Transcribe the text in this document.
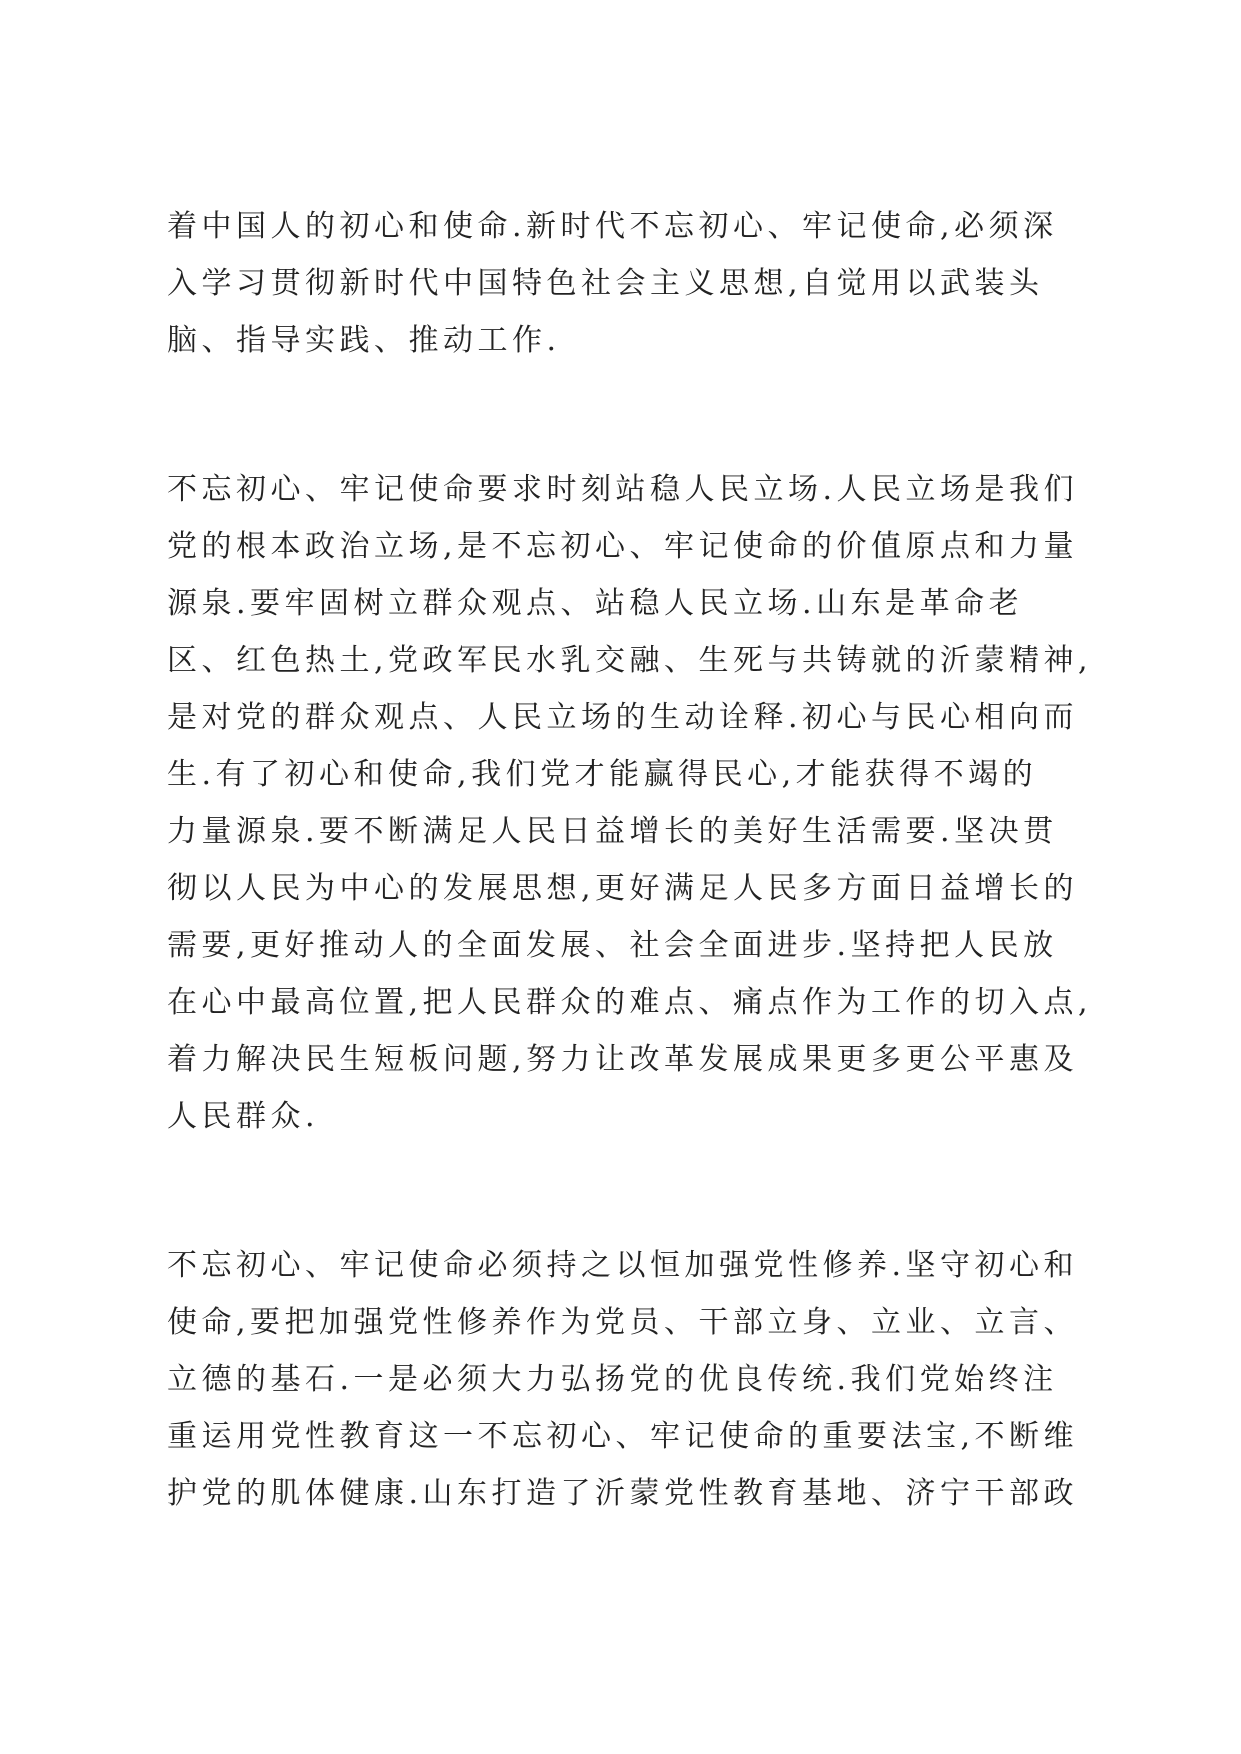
着中国人的初心和使命.新时代不忘初心、牢记使命,必须深
入学习贯彻新时代中国特色社会主义思想,自觉用以武装头
脑、指导实践、推动工作.
不忘初心、牢记使命要求时刻站稳人民立场.人民立场是我们
党的根本政治立场,是不忘初心、牢记使命的价值原点和力量
源泉.要牢固树立群众观点、站稳人民立场.山东是革命老
区、红色热土,党政军民水乳交融、生死与共铸就的沂蒙精神,
是对党的群众观点、人民立场的生动诠释.初心与民心相向而
生.有了初心和使命,我们党才能赢得民心,才能获得不竭的
力量源泉.要不断满足人民日益增长的美好生活需要.坚决贯
彻以人民为中心的发展思想,更好满足人民多方面日益增长的
需要,更好推动人的全面发展、社会全面进步.坚持把人民放
在心中最高位置,把人民群众的难点、痛点作为工作的切入点,
着力解决民生短板问题,努力让改革发展成果更多更公平惠及
人民群众.
不忘初心、牢记使命必须持之以恒加强党性修养.坚守初心和
使命,要把加强党性修养作为党员、干部立身、立业、立言、
立德的基石.一是必须大力弘扬党的优良传统.我们党始终注
重运用党性教育这一不忘初心、牢记使命的重要法宝,不断维
护党的肌体健康.山东打造了沂蒙党性教育基地、济宁干部政
